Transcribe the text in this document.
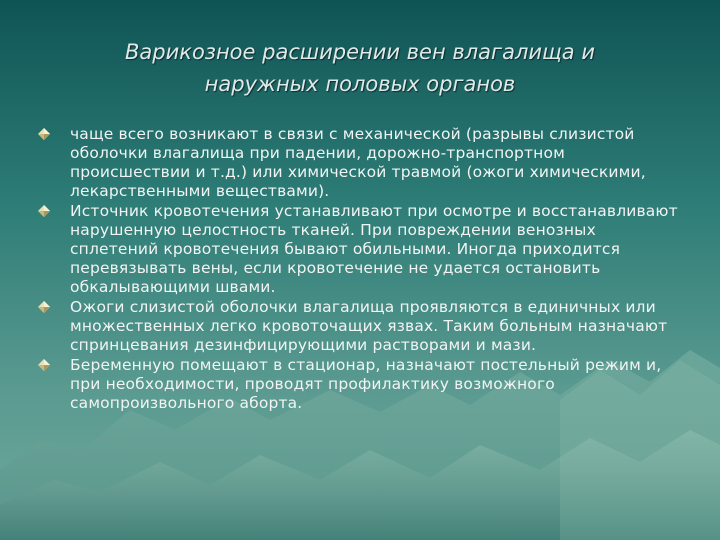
Варикозное расширении вен влагалища и
наружных половых органов
чаще всего возникают в связи с механической (разрывы слизистой оболочки влагалища при падении, дорожно-транспортном происшествии и т.д.) или химической травмой (ожоги химическими, лекарственными веществами).
Источник кровотечения устанавливают при осмотре и восстанавливают нарушенную целостность тканей. При повреждении венозных сплетений кровотечения бывают обильными. Иногда приходится перевязывать вены, если кровотечение не удается остановить обкалывающими швами.
Ожоги слизистой оболочки влагалища проявляются в единичных или множественных легко кровоточащих язвах. Таким больным назначают спринцевания дезинфицирующими растворами и мази.
Беременную помещают в стационар, назначают постельный режим и, при необходимости, проводят профилактику возможного самопроизвольного аборта.
